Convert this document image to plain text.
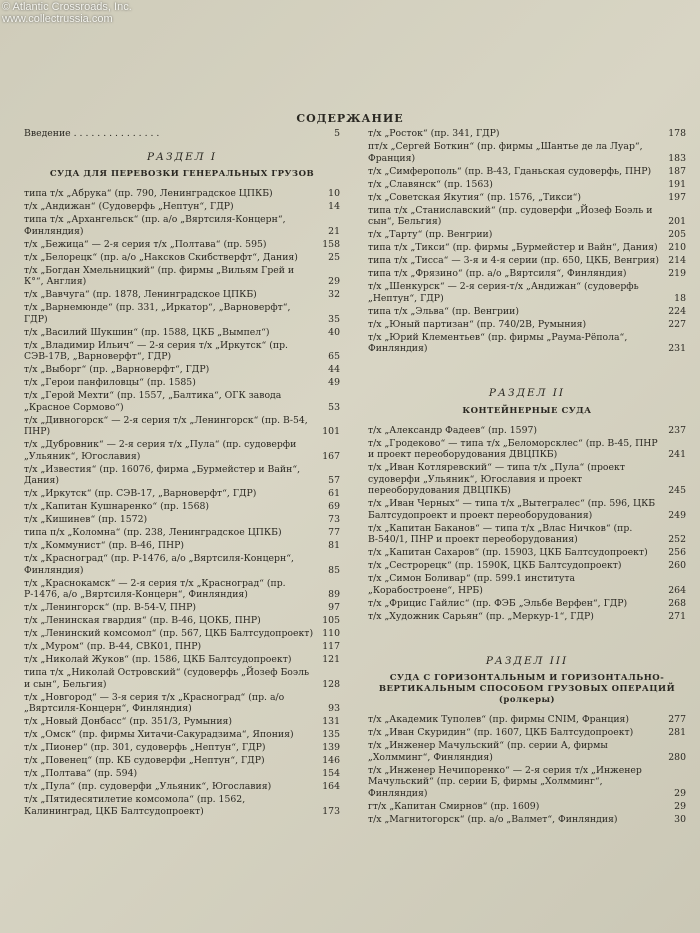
© Atlantic Crossroads, Inc.
www.collectrussia.com
СОДЕРЖАНИЕ
Введение . . . . . . . . . . . . . . .	5
РАЗДЕЛ I
СУДА ДЛЯ ПЕРЕВОЗКИ ГЕНЕРАЛЬНЫХ ГРУЗОВ
типа т/х „Абрука“ (пр. 790, Ленинградское ЦПКБ)	10
т/х „Андижан“ (Судоверфь „Нептун“, ГДР)	14
типа т/х „Архангельск“ (пр. а/о „Вяртсиля-Концерн“, Финляндия)	21
т/х „Бежица“ — 2-я серия т/х „Полтава“ (пр. 595)	158
т/х „Белорецк“ (пр. а/о „Наксков Скибстверфт“, Дания)	25
т/х „Богдан Хмельницкий“ (пр. фирмы „Вильям Грей и К°“, Англия)	29
т/х „Вавчуга“ (пр. 1878, Ленинградское ЦПКБ)	32
т/х „Варнемюнде“ (пр. 331, „Иркатор“, „Варноверфт“, ГДР)	35
т/х „Василий Шукшин“ (пр. 1588, ЦКБ „Вымпел“)	40
т/х „Владимир Ильич“ — 2-я серия т/х „Иркутск“ (пр. СЭВ-17В, „Варноверфт“, ГДР)	65
т/х „Выборг“ (пр. „Варноверфт“, ГДР)	44
т/х „Герои панфиловцы“ (пр. 1585)	49
т/х „Герой Мехти“ (пр. 1557, „Балтика“, ОГК завода „Красное Сормово“)	53
т/х „Дивногорск“ — 2-я серия т/х „Ленингорск“ (пр. В-54, ПНР)	101
т/х „Дубровник“ — 2-я серия т/х „Пула“ (пр. судоверфи „Ульяник“, Югославия)	167
т/х „Известия“ (пр. 16076, фирма „Бурмейстер и Вайн“, Дания)	57
т/х „Иркутск“ (пр. СЭВ-17, „Варноверфт“, ГДР)	61
т/х „Капитан Кушнаренко“ (пр. 1568)	69
т/х „Кишинев“ (пр. 1572)	73
типа п/х „Коломна“ (пр. 238, Ленинградское ЦПКБ)	77
т/х „Коммунист“ (пр. В-46, ПНР)	81
т/х „Красноград“ (пр. Р-1476, а/о „Вяртсиля-Концерн“, Финляндия)	85
т/х „Краснокамск“ — 2-я серия т/х „Красноград“ (пр. Р-1476, а/о „Вяртсиля-Концерн“, Финляндия)	89
т/х „Ленингорск“ (пр. В-54-V, ПНР)	97
т/х „Ленинская гвардия“ (пр. В-46, ЦОКБ, ПНР)	105
т/х „Ленинский комсомол“ (пр. 567, ЦКБ Балтсудопроект) 110
т/х „Муром“ (пр. В-44, СВК01, ПНР)	117
т/х „Николай Жуков“ (пр. 1586, ЦКБ Балтсудопроект)	121
типа т/х „Николай Островский“ (судоверфь „Йозеф Боэль и сын“, Бельгия)	128
т/х „Новгород“ — 3-я серия т/х „Красноград“ (пр. а/о „Вяртсиля-Концерн“, Финляндия)	93
т/х „Новый Донбасс“ (пр. 351/3, Румыния)	131
т/х „Омск“ (пр. фирмы Хитачи-Сакурадзима“, Япония)	135
т/х „Пионер“ (пр. 301, судоверфь „Нептун“, ГДР)	139
т/х „Повенец“ (пр. КБ судоверфи „Нептун“, ГДР)	146
т/х „Полтава“ (пр. 594)	154
т/х „Пула“ (пр. судоверфи „Ульяник“, Югославия)	164
т/х „Пятидесятилетие комсомола“ (пр. 1562, Калининград, ЦКБ Балтсудопроект)	173
т/х „Росток“ (пр. 341, ГДР)	178
пт/х „Сергей Боткин“ (пр. фирмы „Шантье де ла Луар“, Франция)	183
т/х „Симферополь“ (пр. В-43, Гданьская судоверфь, ПНР) 187
т/х „Славянск“ (пр. 1563)	191
т/х „Советская Якутия“ (пр. 1576, „Тикси“)	197
типа т/х „Станиславский“ (пр. судоверфи „Йозеф Боэль и сын“, Бельгия)	201
т/х „Тарту“ (пр. Венгрии)	205
типа т/х „Тикси“ (пр. фирмы „Бурмейстер и Вайн“, Дания) 210
типа т/х „Тисса“ — 3-я и 4-я серии (пр. 650, ЦКБ, Венгрия) 214
типа т/х „Фрязино“ (пр. а/о „Вяртсиля“, Финляндия)	219
т/х „Шенкурск“ — 2-я серия-т/х „Андижан“ (судоверфь „Нептун“, ГДР)	18
типа т/х „Эльва“ (пр. Венгрии)	224
т/х „Юный партизан“ (пр. 740/2В, Румыния)	227
т/х „Юрий Клементьев“ (пр. фирмы „Раума-Рёпола“, Финляндия)	231
РАЗДЕЛ II
КОНТЕЙНЕРНЫЕ СУДА
т/х „Александр Фадеев“ (пр. 1597)	237
т/х „Гродеково“ — типа т/х „Беломорсклес“ (пр. В-45, ПНР и проект переоборудования ДВЦПКБ)	241
т/х „Иван Котляревский“ — типа т/х „Пула“ (проект судоверфи „Ульяник“, Югославия и проект переоборудования ДВЦПКБ)	245
т/х „Иван Черных“ — типа т/х „Вытегралес“ (пр. 596, ЦКБ Балтсудопроект и проект переоборудования)	249
т/х „Капитан Баканов“ — типа т/х „Влас Ничков“ (пр. В-540/1, ПНР и проект переоборудования)	252
т/х „Капитан Сахаров“ (пр. 15903, ЦКБ Балтсудопроект) 256
т/х „Сестрорецк“ (пр. 1590К, ЦКБ Балтсудопроект)	260
т/х „Симон Боливар“ (пр. 599.1 института „Корабостроене“, НРБ)	264
т/х „Фрицис Гайлис“ (пр. ФЭБ „Эльбе Верфен“, ГДР)	268
т/х „Художник Сарьян“ (пр. „Меркур-1“, ГДР)	271
РАЗДЕЛ III
СУДА С ГОРИЗОНТАЛЬНЫМ И ГОРИЗОНТАЛЬНО-ВЕРТИКАЛЬНЫМ СПОСОБОМ ГРУЗОВЫХ ОПЕРАЦИЙ (ролкеры)
т/х „Академик Туполев“ (пр. фирмы CNIM, Франция)	277
т/х „Иван Скуридин“ (пр. 1607, ЦКБ Балтсудопроект)	281
т/х „Инженер Мачульский“ (пр. серии А, фирмы „Холмминг“, Финляндия)	280
т/х „Инженер Нечипоренко“ — 2-я серия т/х „Инженер Мачульский“ (пр. серии Б, фирмы „Холмминг“, Финляндия)	29
гт/х „Капитан Смирнов“ (пр. 1609)	29
т/х „Магнитогорск“ (пр. а/о „Валмет“, Финляндия)	30
